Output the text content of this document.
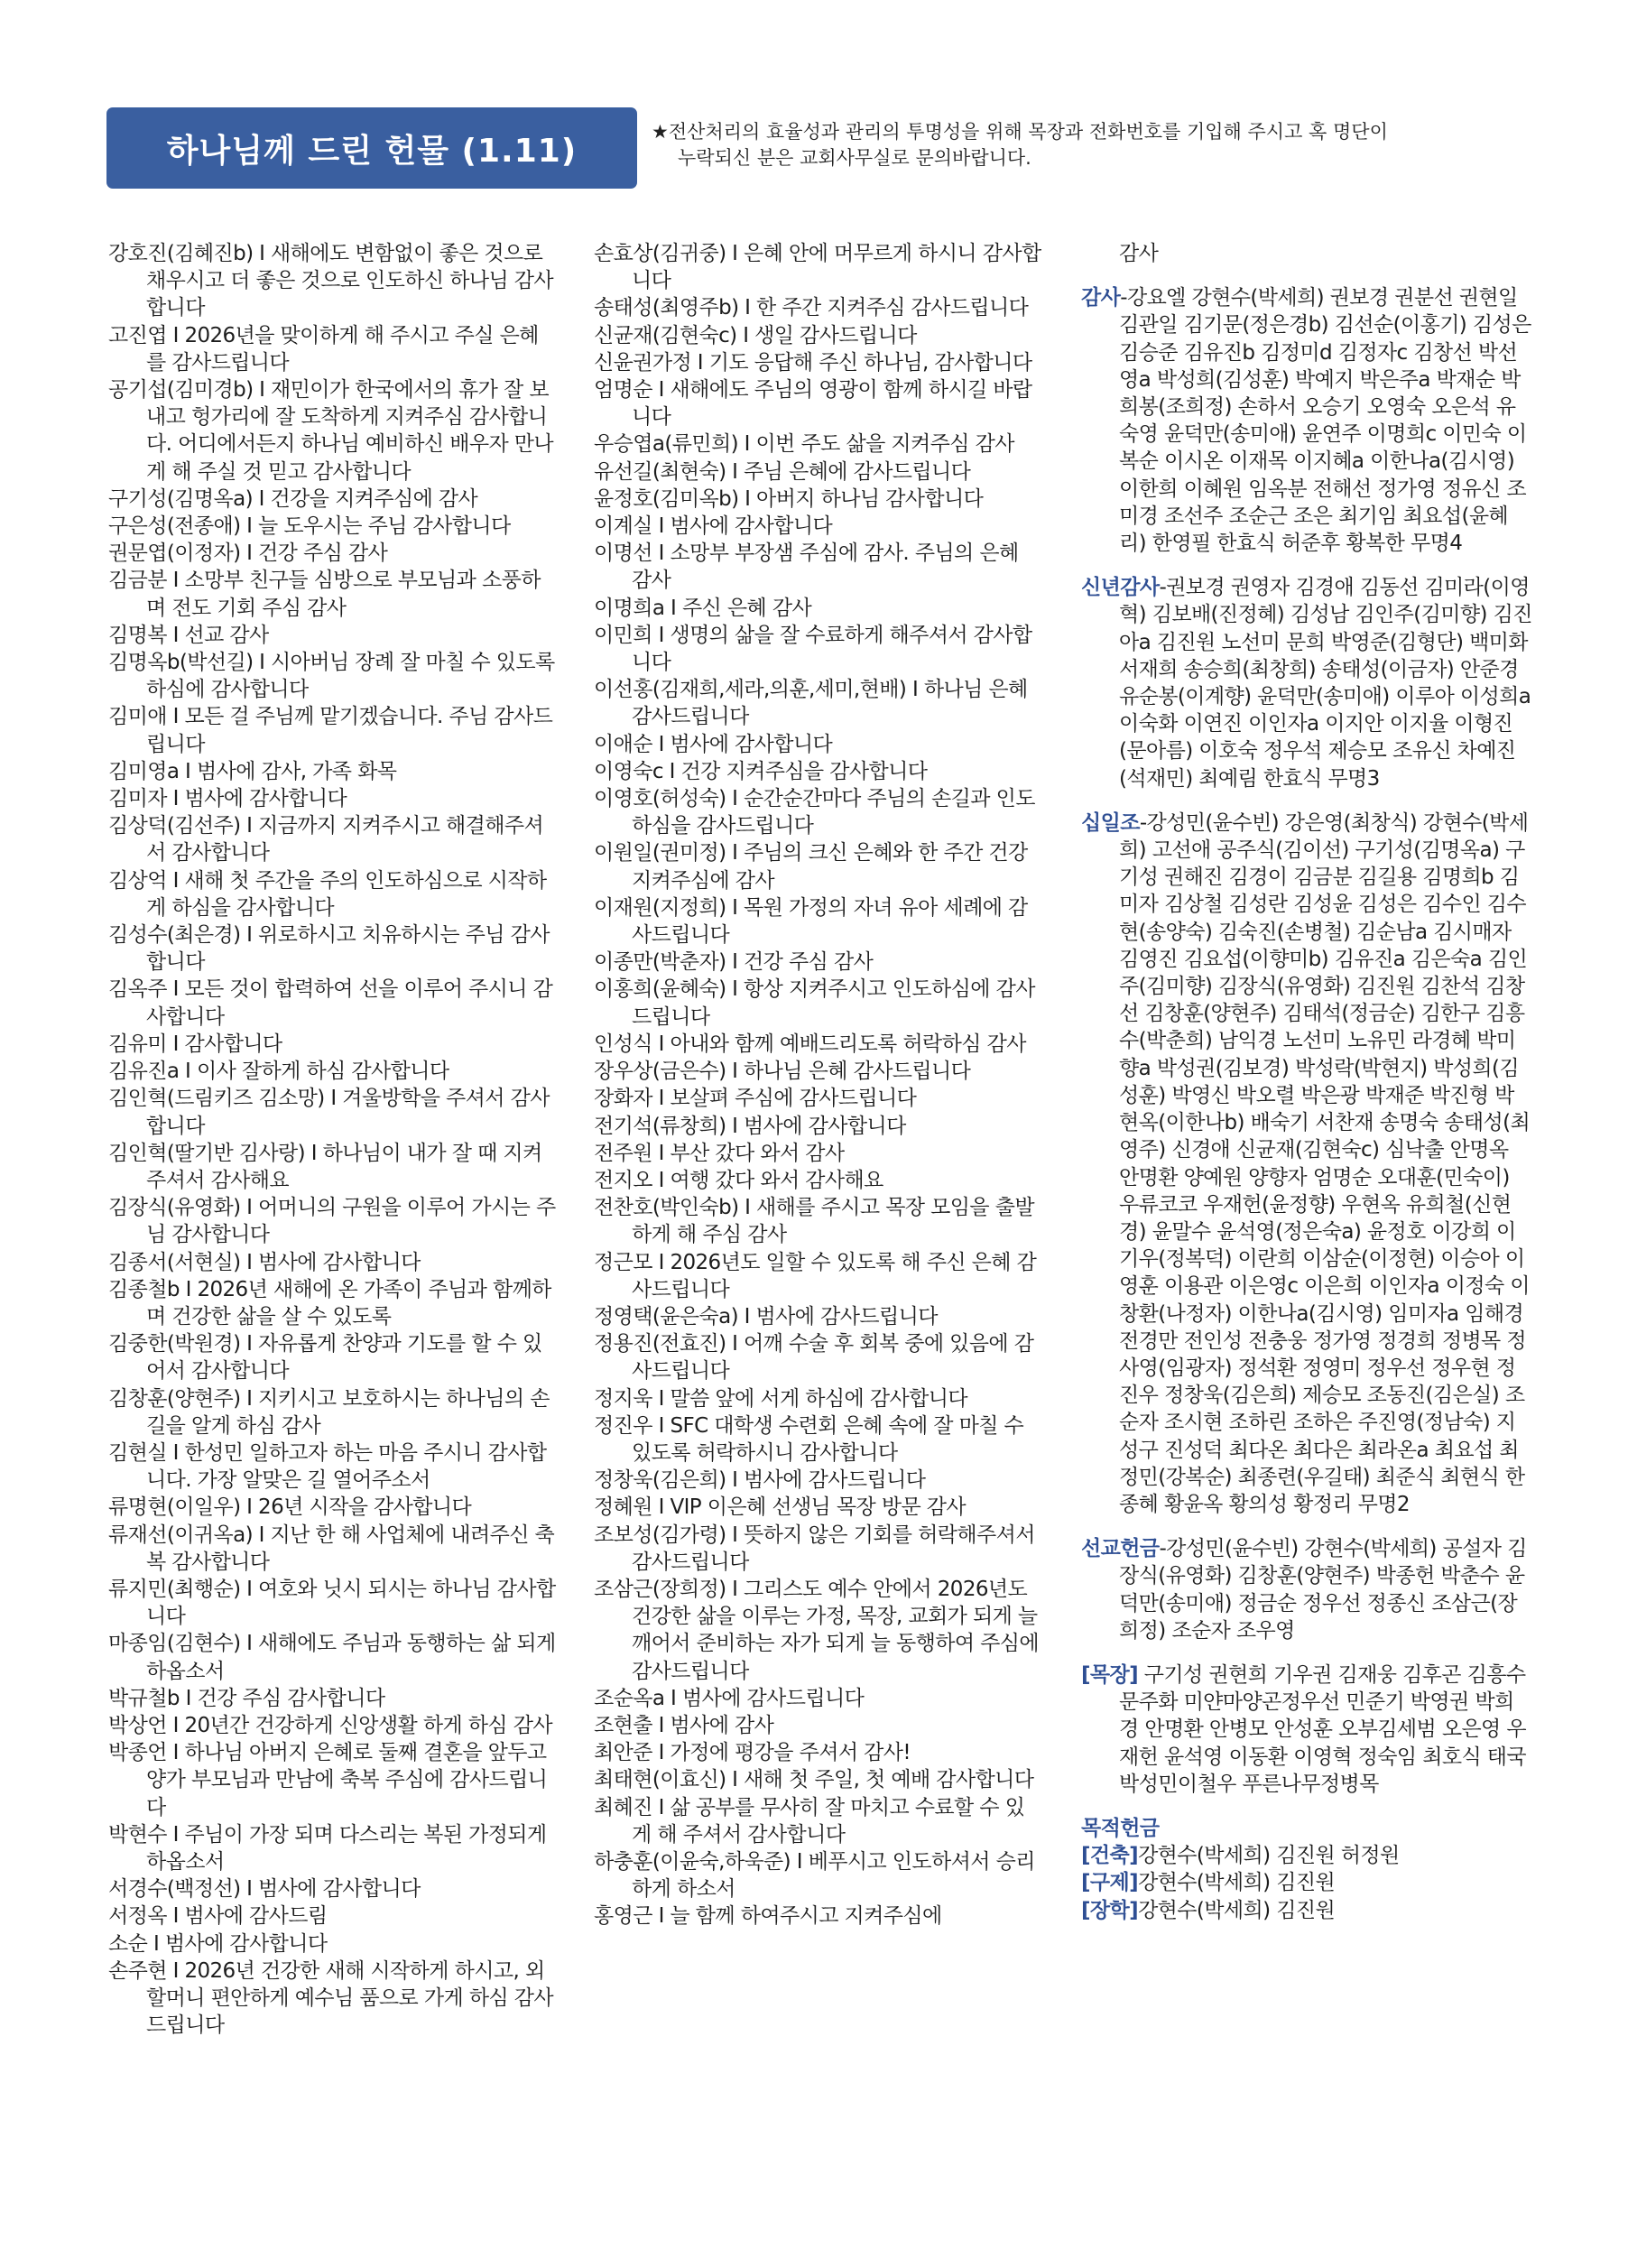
하나님께 드린 헌물 (1.11)
★전산처리의 효율성과 관리의 투명성을 위해 목장과 전화번호를 기입해 주시고 혹 명단이
누락되신 분은 교회사무실로 문의바랍니다.
강호진(김혜진b) I 새해에도 변함없이 좋은 것으로 채우시고 더 좋은 것으로 인도하신 하나님 감사합니다
고진엽 I 2026년을 맞이하게 해 주시고 주실 은혜를 감사드립니다
공기섭(김미경b) I 재민이가 한국에서의 휴가 잘 보내고 헝가리에 잘 도착하게 지켜주심 감사합니다. 어디에서든지 하나님 예비하신 배우자 만나게 해 주실 것 믿고 감사합니다
구기성(김명옥a) I 건강을 지켜주심에 감사
구은성(전종애) I 늘 도우시는 주님 감사합니다
권문엽(이정자) I 건강 주심 감사
김금분 I 소망부 친구들 심방으로 부모님과 소풍하며 전도 기회 주심 감사
김명복 I 선교 감사
김명옥b(박선길) I 시아버님 장례 잘 마칠 수 있도록 하심에 감사합니다
김미애 I 모든 걸 주님께 맡기겠습니다. 주님 감사드립니다
김미영a I 범사에 감사, 가족 화목
김미자 I 범사에 감사합니다
김상덕(김선주) I 지금까지 지켜주시고 해결해주셔서 감사합니다
김상억 I 새해 첫 주간을 주의 인도하심으로 시작하게 하심을 감사합니다
김성수(최은경) I 위로하시고 치유하시는 주님 감사합니다
김옥주 I 모든 것이 합력하여 선을 이루어 주시니 감사합니다
김유미 I 감사합니다
김유진a I 이사 잘하게 하심 감사합니다
김인혁(드림키즈 김소망) I 겨울방학을 주셔서 감사합니다
김인혁(딸기반 김사랑) I 하나님이 내가 잘 때 지켜주셔서 감사해요
김장식(유영화) I 어머니의 구원을 이루어 가시는 주님 감사합니다
김종서(서현실) I 범사에 감사합니다
김종철b I 2026년 새해에 온 가족이 주님과 함께하며 건강한 삶을 살 수 있도록
김중한(박원경) I 자유롭게 찬양과 기도를 할 수 있어서 감사합니다
김창훈(양현주) I 지키시고 보호하시는 하나님의 손길을 알게 하심 감사
김현실 I 한성민 일하고자 하는 마음 주시니 감사합니다. 가장 알맞은 길 열어주소서
류명현(이일우) I 26년 시작을 감사합니다
류재선(이귀옥a) I 지난 한 해 사업체에 내려주신 축복 감사합니다
류지민(최행순) I 여호와 닛시 되시는 하나님 감사합니다
마종임(김현수) I 새해에도 주님과 동행하는 삶 되게 하옵소서
박규철b I 건강 주심 감사합니다
박상언 I 20년간 건강하게 신앙생활 하게 하심 감사
박종언 I 하나님 아버지 은혜로 둘째 결혼을 앞두고 양가 부모님과 만남에 축복 주심에 감사드립니다
박현수 I 주님이 가장 되며 다스리는 복된 가정되게 하옵소서
서경수(백정선) I 범사에 감사합니다
서정옥 I 범사에 감사드림
소순 I 범사에 감사합니다
손주현 I 2026년 건강한 새해 시작하게 하시고, 외할머니 편안하게 예수님 품으로 가게 하심 감사드립니다
손효상(김귀중) I 은혜 안에 머무르게 하시니 감사합니다
송태성(최영주b) I 한 주간 지켜주심 감사드립니다
신균재(김현숙c) I 생일 감사드립니다
신윤권가정 I 기도 응답해 주신 하나님, 감사합니다
엄명순 I 새해에도 주님의 영광이 함께 하시길 바랍니다
우승엽a(류민희) I 이번 주도 삶을 지켜주심 감사
유선길(최현숙) I 주님 은혜에 감사드립니다
윤정호(김미옥b) I 아버지 하나님 감사합니다
이계실 I 범사에 감사합니다
이명선 I 소망부 부장샘 주심에 감사. 주님의 은혜 감사
이명희a I 주신 은혜 감사
이민희 I 생명의 삶을 잘 수료하게 해주셔서 감사합니다
이선홍(김재희,세라,의훈,세미,현배) I 하나님 은혜 감사드립니다
이애순 I 범사에 감사합니다
이영숙c I 건강 지켜주심을 감사합니다
이영호(허성숙) I 순간순간마다 주님의 손길과 인도하심을 감사드립니다
이원일(권미정) I 주님의 크신 은혜와 한 주간 건강 지켜주심에 감사
이재원(지정희) I 목원 가정의 자녀 유아 세례에 감사드립니다
이종만(박춘자) I 건강 주심 감사
이홍희(윤혜숙) I 항상 지켜주시고 인도하심에 감사드립니다
인성식 I 아내와 함께 예배드리도록 허락하심 감사
장우상(금은수) I 하나님 은혜 감사드립니다
장화자 I 보살펴 주심에 감사드립니다
전기석(류창희) I 범사에 감사합니다
전주원 I 부산 갔다 와서 감사
전지오 I 여행 갔다 와서 감사해요
전찬호(박인숙b) I 새해를 주시고 목장 모임을 출발하게 해 주심 감사
정근모 I 2026년도 일할 수 있도록 해 주신 은혜 감사드립니다
정영택(윤은숙a) I 범사에 감사드립니다
정용진(전효진) I 어깨 수술 후 회복 중에 있음에 감사드립니다
정지욱 I 말씀 앞에 서게 하심에 감사합니다
정진우 I SFC 대학생 수련회 은혜 속에 잘 마칠 수 있도록 허락하시니 감사합니다
정창욱(김은희) I 범사에 감사드립니다
정혜원 I VIP 이은혜 선생님 목장 방문 감사
조보성(김가령) I 뜻하지 않은 기회를 허락해주셔서 감사드립니다
조삼근(장희정) I 그리스도 예수 안에서 2026년도 건강한 삶을 이루는 가정, 목장, 교회가 되게 늘 깨어서 준비하는 자가 되게 늘 동행하여 주심에 감사드립니다
조순옥a I 범사에 감사드립니다
조현출 I 범사에 감사
최안준 I 가정에 평강을 주셔서 감사!
최태현(이효신) I 새해 첫 주일, 첫 예배 감사합니다
최혜진 I 삶 공부를 무사히 잘 마치고 수료할 수 있게 해 주셔서 감사합니다
하충훈(이윤숙,하욱준) I 베푸시고 인도하셔서 승리하게 하소서
홍영근 I 늘 함께 하여주시고 지켜주심에
감사
감사-강요엘 강현수(박세희) 권보경 권분선 권현일 김관일 김기문(정은경b) 김선순(이홍기) 김성은 김승준 김유진b 김정미d 김정자c 김창선 박선영a 박성희(김성훈) 박예지 박은주a 박재순 박희봉(조희정) 손하서 오승기 오영숙 오은석 유숙영 윤덕만(송미애) 윤연주 이명희c 이민숙 이복순 이시온 이재목 이지혜a 이한나a(김시영) 이한희 이혜원 임옥분 전해선 정가영 정유신 조미경 조선주 조순근 조은 최기임 최요섭(윤혜리) 한영필 한효식 허준후 황복한 무명4
신년감사-권보경 권영자 김경애 김동선 김미라(이영혁) 김보배(진정혜) 김성남 김인주(김미향) 김진아a 김진원 노선미 문희 박영준(김형단) 백미화 서재희 송승희(최창희) 송태성(이금자) 안준경 유순봉(이계향) 윤덕만(송미애) 이루아 이성희a 이숙화 이연진 이인자a 이지안 이지율 이형진(문아름) 이호숙 정우석 제승모 조유신 차예진(석재민) 최예림 한효식 무명3
십일조-강성민(윤수빈) 강은영(최창식) 강현수(박세희) 고선애 공주식(김이선) 구기성(김명옥a) 구기성 권해진 김경이 김금분 김길용 김명희b 김미자 김상철 김성란 김성윤 김성은 김수인 김수현(송양숙) 김숙진(손병철) 김순남a 김시매자 김영진 김요섭(이향미b) 김유진a 김은숙a 김인주(김미향) 김장식(유영화) 김진원 김찬석 김창선 김창훈(양현주) 김태석(정금순) 김한구 김흥수(박춘희) 남익경 노선미 노유민 라경혜 박미향a 박성권(김보경) 박성락(박현지) 박성희(김성훈) 박영신 박오렬 박은광 박재준 박진형 박현옥(이한나b) 배숙기 서찬재 송명숙 송태성(최영주) 신경애 신균재(김현숙c) 심낙출 안명옥 안명환 양예원 양향자 엄명순 오대훈(민숙이) 우류코코 우재헌(윤정향) 우현옥 유희철(신현경) 윤말수 윤석영(정은숙a) 윤정호 이강희 이기우(정복덕) 이란희 이삼순(이정현) 이승아 이영훈 이용관 이은영c 이은희 이인자a 이정숙 이창환(나정자) 이한나a(김시영) 임미자a 임해경 전경만 전인성 전충웅 정가영 정경희 정병목 정사영(임광자) 정석환 정영미 정우선 정우현 정진우 정창욱(김은희) 제승모 조동진(김은실) 조순자 조시현 조하린 조하은 주진영(정남숙) 지성구 진성덕 최다온 최다은 최라온a 최요섭 최정민(강복순) 최종련(우길태) 최준식 최현식 한종혜 황윤옥 황의성 황정리 무명2
선교헌금-강성민(윤수빈) 강현수(박세희) 공설자 김장식(유영화) 김창훈(양현주) 박종헌 박춘수 윤덕만(송미애) 정금순 정우선 정종신 조삼근(장희정) 조순자 조우영
[목장] 구기성 권현희 기우권 김재웅 김후곤 김흥수 문주화 미얀마양곤정우선 민준기 박영권 박희경 안명환 안병모 안성훈 오부김세범 오은영 우재헌 윤석영 이동환 이영혁 정숙임 최호식 태국박성민이철우 푸른나무정병목
목적헌금
[건축]강현수(박세희) 김진원 허정원
[구제]강현수(박세희) 김진원
[장학]강현수(박세희) 김진원
